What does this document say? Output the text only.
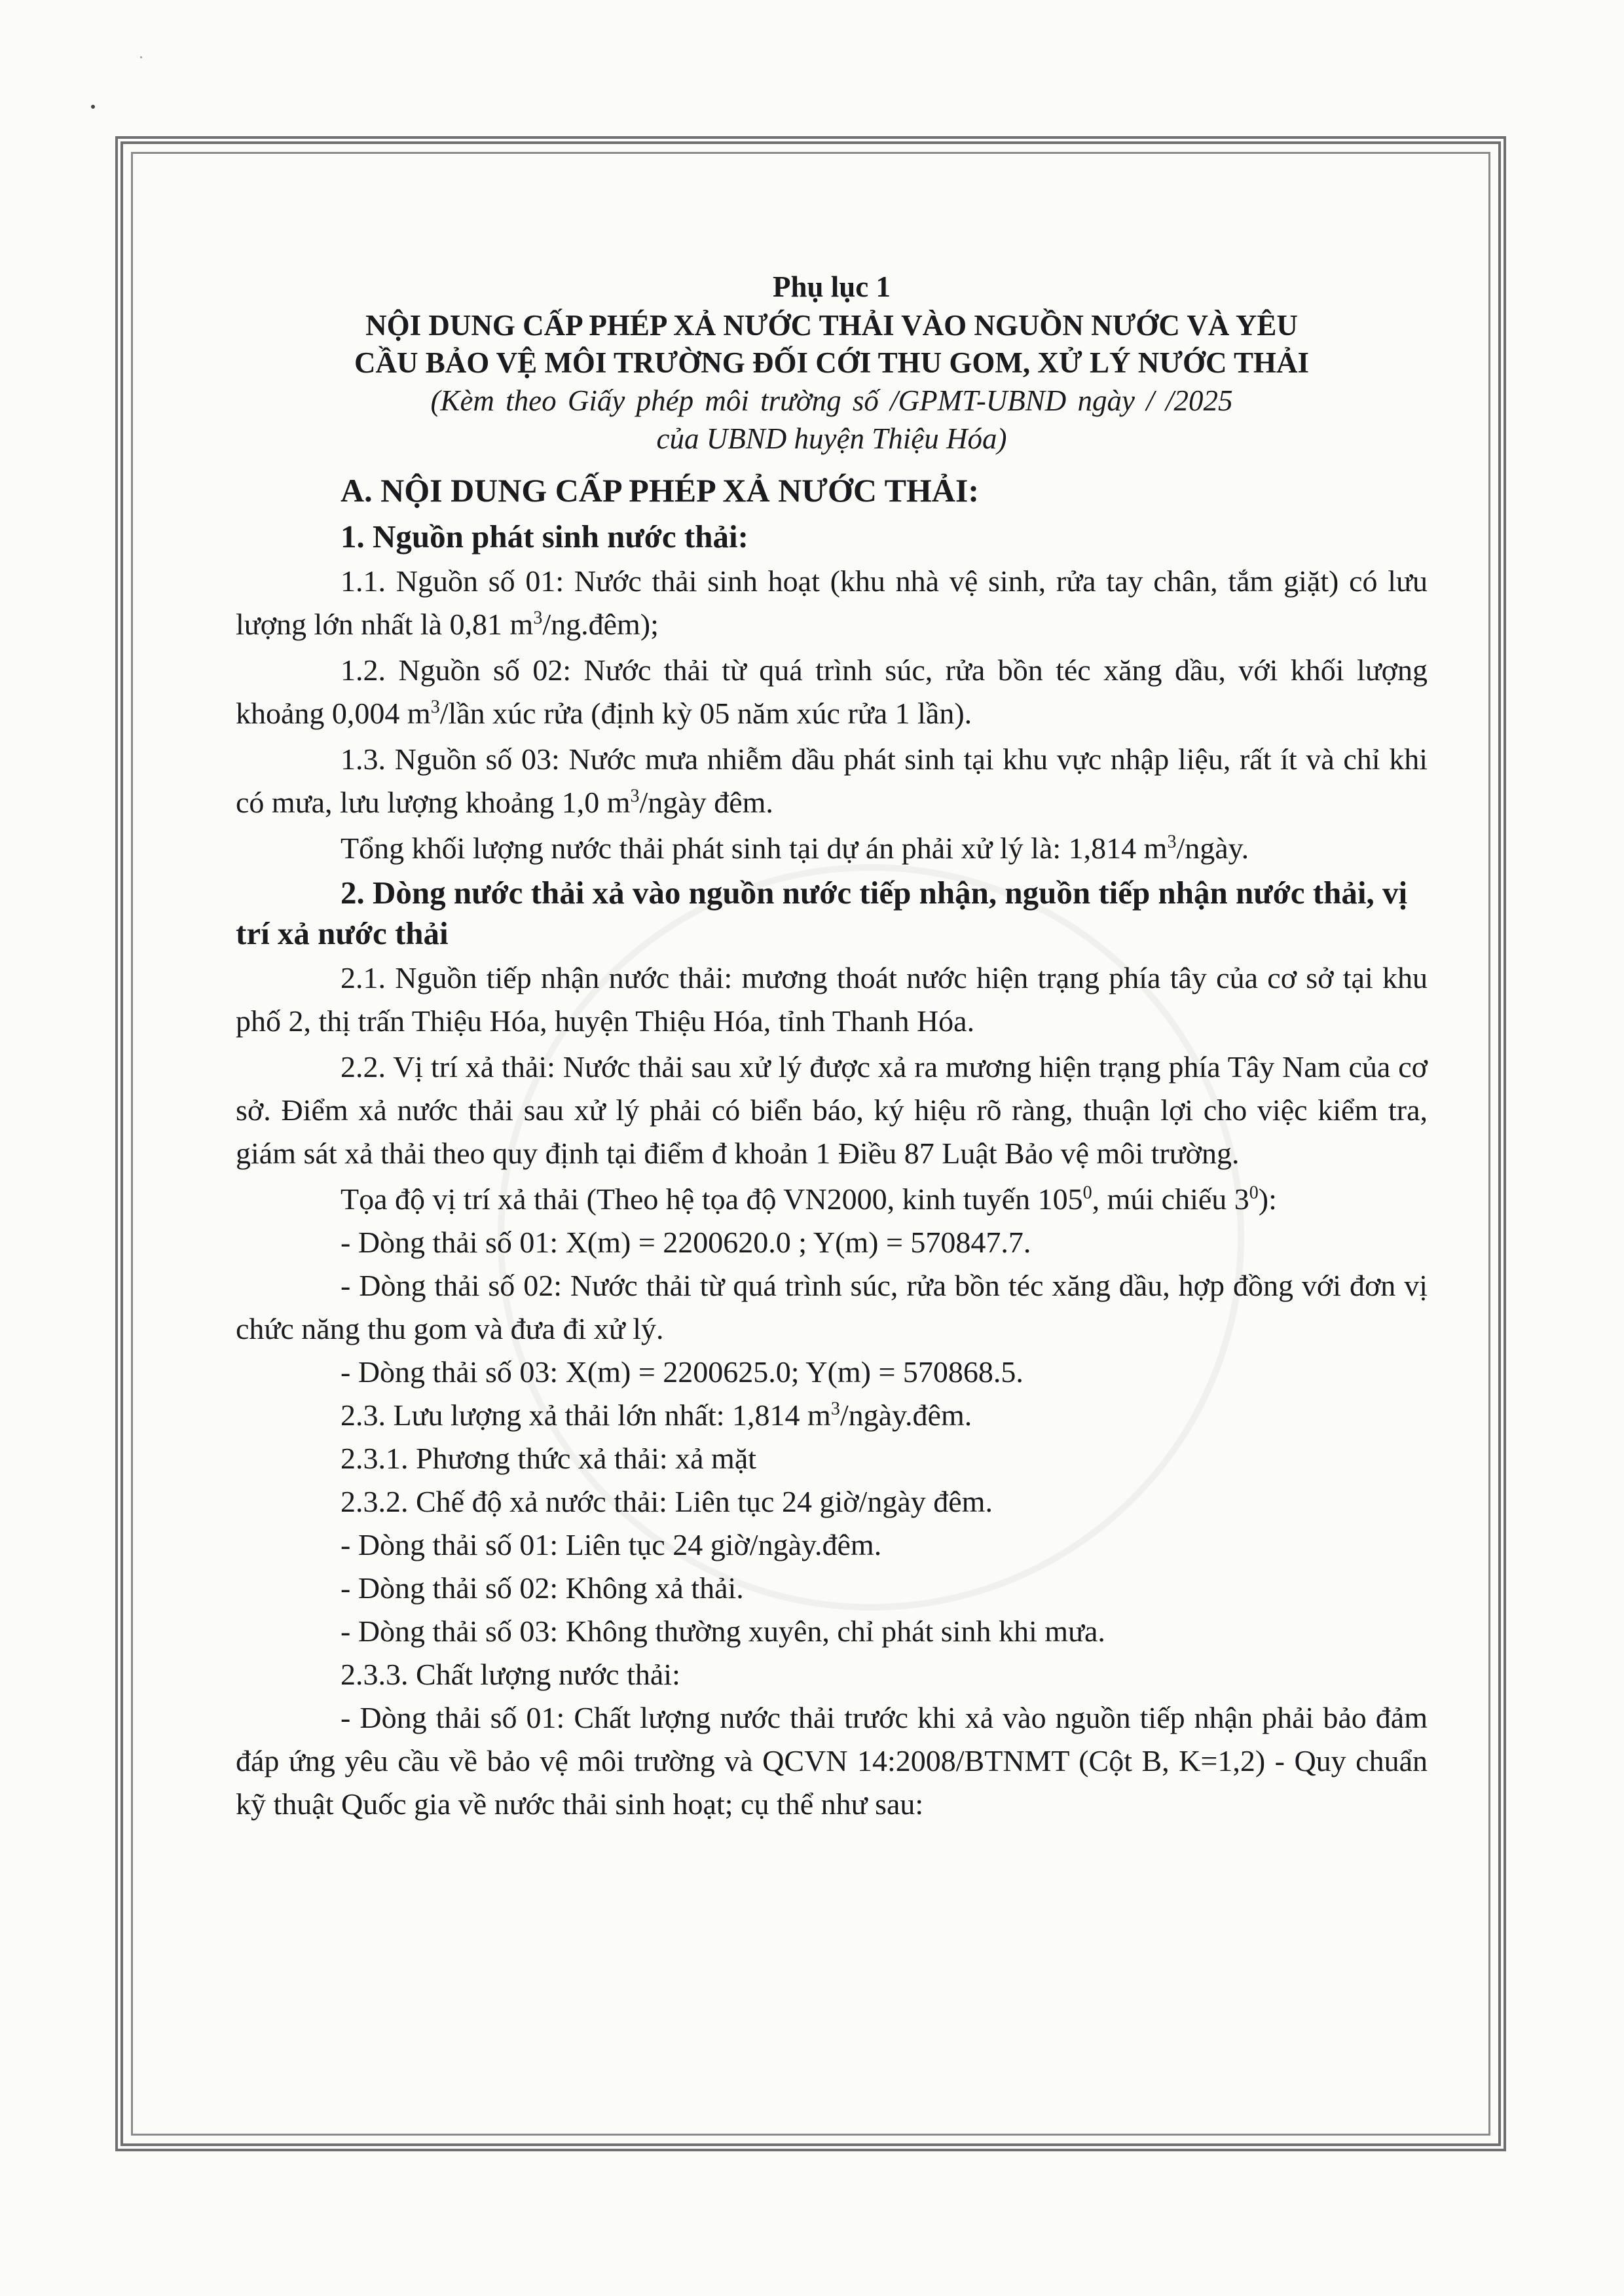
Phụ lục 1

NỘI DUNG CẤP PHÉP XẢ NƯỚC THẢI VÀO NGUỒN NƯỚC VÀ YÊU

CẦU BẢO VỆ MÔI TRƯỜNG ĐỐI CỚI THU GOM, XỬ LÝ NƯỚC THẢI

(Kèm theo Giấy phép môi trường số /GPMT-UBND ngày / /2025

của UBND huyện Thiệu Hóa)

A. NỘI DUNG CẤP PHÉP XẢ NƯỚC THẢI:

1. Nguồn phát sinh nước thải:

1.1. Nguồn số 01: Nước thải sinh hoạt (khu nhà vệ sinh, rửa tay chân, tắm giặt) có lưu lượng lớn nhất là 0,81 $m^3/ng.đêm$);

1.2. Nguồn số 02: Nước thải từ quá trình súc, rửa bồn téc xăng dầu, với khối lượng khoảng 0,004 $m^3$/lần xúc rửa (định kỳ 05 năm xúc rửa 1 lần).

1.3. Nguồn số 03: Nước mưa nhiễm dầu phát sinh tại khu vực nhập liệu, rất ít và chỉ khi có mưa, lưu lượng khoảng 1,0 $m^3$/ngày đêm.

Tổng khối lượng nước thải phát sinh tại dự án phải xử lý là: 1,814 $m^3$/ngày.

2. Dòng nước thải xả vào nguồn nước tiếp nhận, nguồn tiếp nhận nước thải, vị trí xả nước thải

2.1. Nguồn tiếp nhận nước thải: mương thoát nước hiện trạng phía tây của cơ sở tại khu phố 2, thị trấn Thiệu Hóa, huyện Thiệu Hóa, tỉnh Thanh Hóa.

2.2. Vị trí xả thải: Nước thải sau xử lý được xả ra mương hiện trạng phía Tây Nam của cơ sở. Điểm xả nước thải sau xử lý phải có biển báo, ký hiệu rõ ràng, thuận lợi cho việc kiểm tra, giám sát xả thải theo quy định tại điểm đ khoản 1 Điều 87 Luật Bảo vệ môi trường.

Tọa độ vị trí xả thải (Theo hệ tọa độ VN2000, kinh tuyến $105^0$, múi chiếu $3^0$):

- Dòng thải số 01: X(m) = 2200620.0 ; Y(m) = 570847.7.

- Dòng thải số 02: Nước thải từ quá trình súc, rửa bồn téc xăng dầu, hợp đồng với đơn vị chức năng thu gom và đưa đi xử lý.

- Dòng thải số 03: X(m) = 2200625.0; Y(m) = 570868.5.

2.3. Lưu lượng xả thải lớn nhất: 1,814 $m^3/ngày.đêm$.

2.3.1. Phương thức xả thải: xả mặt

2.3.2. Chế độ xả nước thải: Liên tục 24 giờ/ngày đêm.

- Dòng thải số 01: Liên tục 24 giờ/ngày.đêm.

- Dòng thải số 02: Không xả thải.

- Dòng thải số 03: Không thường xuyên, chỉ phát sinh khi mưa.

2.3.3. Chất lượng nước thải:

- Dòng thải số 01: Chất lượng nước thải trước khi xả vào nguồn tiếp nhận phải bảo đảm đáp ứng yêu cầu về bảo vệ môi trường và QCVN 14:2008/BTNMT (Cột B, K=1,2) - Quy chuẩn kỹ thuật Quốc gia về nước thải sinh hoạt; cụ thể như sau:
